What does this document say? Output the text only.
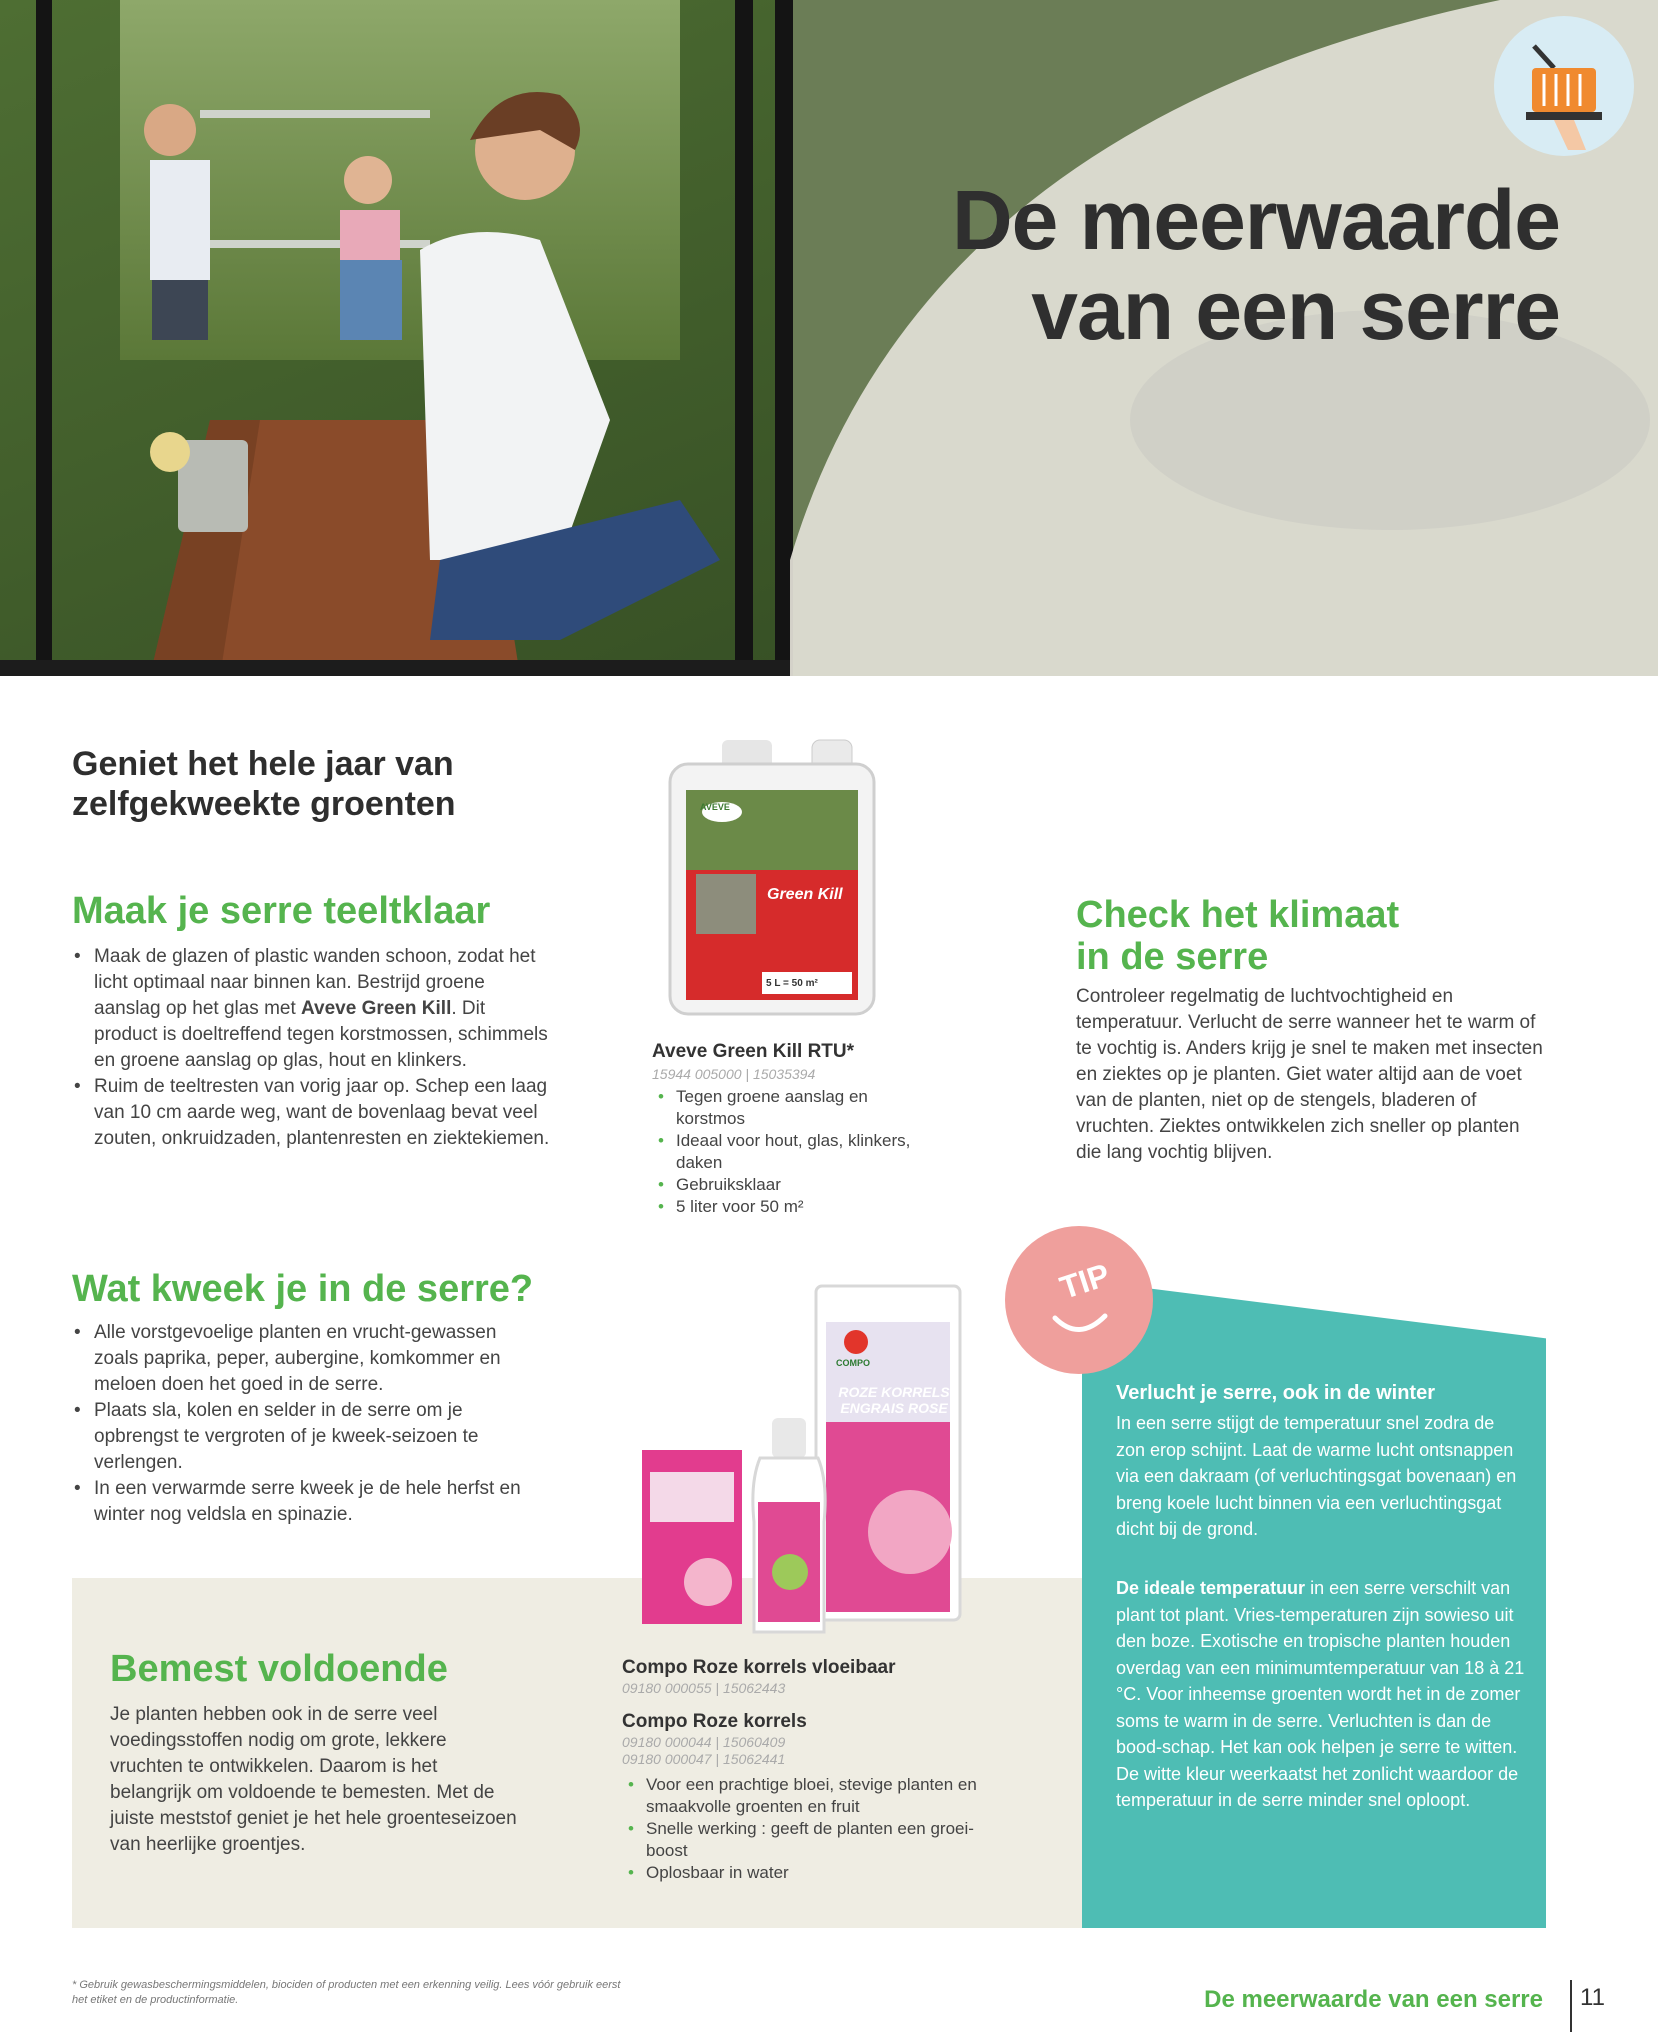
De meerwaarde
van een serre
Geniet het hele jaar van zelfgekweekte groenten
Maak je serre teeltklaar
• Maak de glazen of plastic wanden schoon, zodat het licht optimaal naar binnen kan. Bestrijd groene aanslag op het glas met Aveve Green Kill. Dit product is doeltreffend tegen korstmossen, schimmels en groene aanslag op glas, hout en klinkers.
• Ruim de teeltresten van vorig jaar op. Schep een laag van 10 cm aarde weg, want de bovenlaag bevat veel zouten, onkruidzaden, plantenresten en ziektekiemen.
AVEVE
Green Kill
5 L = 50 m²
Aveve Green Kill RTU*
15944 005000 | 15035394
• Tegen groene aanslag en korstmos
• Ideaal voor hout, glas, klinkers, daken
• Gebruiksklaar
• 5 liter voor 50 m²
Check het klimaat
in de serre
Controleer regelmatig de luchtvochtigheid en temperatuur. Verlucht de serre wanneer het te warm of te vochtig is. Anders krijg je snel te maken met insecten en ziektes op je planten. Giet water altijd aan de voet van de planten, niet op de stengels, bladeren of vruchten. Ziektes ontwikkelen zich sneller op planten die lang vochtig blijven.
Wat kweek je in de serre?
• Alle vorstgevoelige planten en vrucht-gewassen zoals paprika, peper, aubergine, komkommer en meloen doen het goed in de serre.
• Plaats sla, kolen en selder in de serre om je opbrengst te vergroten of je kweek-seizoen te verlengen.
• In een verwarmde serre kweek je de hele herfst en winter nog veldsla en spinazie.
Bemest voldoende
Je planten hebben ook in de serre veel voedingsstoffen nodig om grote, lekkere vruchten te ontwikkelen. Daarom is het belangrijk om voldoende te bemesten. Met de juiste meststof geniet je het hele groenteseizoen van heerlijke groentjes.
TIP
Verlucht je serre, ook in de winter
In een serre stijgt de temperatuur snel zodra de zon erop schijnt. Laat de warme lucht ontsnappen via een dakraam (of verluchtingsgat bovenaan) en breng koele lucht binnen via een verluchtingsgat dicht bij de grond.
De ideale temperatuur in een serre verschilt van plant tot plant. Vries-temperaturen zijn sowieso uit den boze. Exotische en tropische planten houden overdag van een minimumtemperatuur van 18 à 21 °C. Voor inheemse groenten wordt het in de zomer soms te warm in de serre. Verluchten is dan de bood-schap. Het kan ook helpen je serre te witten. De witte kleur weerkaatst het zonlicht waardoor de temperatuur in de serre minder snel oploopt.
ROZE KORRELS
ENGRAIS ROSE
COMPO
Compo Roze korrels vloeibaar
09180 000055 | 15062443
Compo Roze korrels
09180 000044 | 15060409
09180 000047 | 15062441
• Voor een prachtige bloei, stevige planten en smaakvolle groenten en fruit
• Snelle werking : geeft de planten een groei-boost
• Oplosbaar in water
* Gebruik gewasbeschermingsmiddelen, biociden of producten met een erkenning veilig. Lees vóór gebruik eerst het etiket en de productinformatie.	De meerwaarde van een serre 11
